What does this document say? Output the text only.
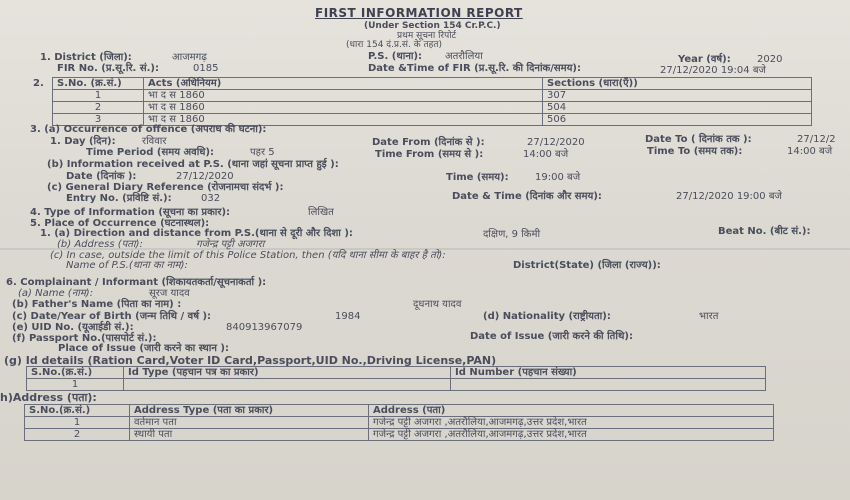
FIRST INFORMATION REPORT
(Under Section 154 Cr.P.C.)
प्रथम सूचना रिपोर्ट
(धारा 154 दं.प्र.सं. के तहत)
1. District (जिला):	आजमगढ़	P.S. (थाना): अतरौलिया	Year (वर्ष):	2020
FIR No. (प्र.सू.रि. सं.):	0185	Date &Time of FIR (प्र.सू.रि. की दिनांक/समय):	27/12/2020 19:04 बजे
2. S.No. (क्र.सं.)	Acts (अधिनियम)	Sections (धारा(एँ))
1	भा द स 1860	307
2	भा द स 1860	504
3	भा द स 1860	506
3. (a) Occurrence of offence (अपराध की घटना):
1. Day (दिन):	रविवार	Date From (दिनांक से ):	27/12/2020	Date To ( दिनांक तक ):	27/12/2
Time Period (समय अवधि):	पहर 5	Time From (समय से ):	14:00 बजे	Time To (समय तक):	14:00 बजे
(b) Information received at P.S. (थाना जहां सूचना प्राप्त हुई ):
Date (दिनांक ):	27/12/2020	Time (समय):	19:00 बजे
(c) General Diary Reference (रोजनामचा संदर्भ ):
Entry No. (प्रविष्टि सं.):	032	Date & Time (दिनांक और समय):	27/12/2020 19:00 बजे
4. Type of Information (सूचना का प्रकार):	लिखित
5. Place of Occurrence (घटनास्थल):
1. (a) Direction and distance from P.S.(थाना से दूरी और दिशा ):	दक्षिण, 9 किमी	Beat No. (बीट सं.):
(b) Address (पता):	गजेन्द्र पट्टी अजगरा
(c) In case, outside the limit of this Police Station, then (यदि थाना सीमा के बाहर है तो):
Name of P.S.(थाना का नाम):	District(State) (जिला (राज्य)):
6. Complainant / Informant (शिकायतकर्ता/सूचनाकर्ता ):
(a) Name (नाम):	सूरज यादव
(b) Father's Name (पिता का नाम) :	दूधनाथ यादव
(c) Date/Year of Birth (जन्म तिथि / वर्ष ):	1984	(d) Nationality (राष्ट्रीयता):	भारत
(e) UID No. (यूआईडी सं.):	840913967079
(f) Passport No.(पासपोर्ट सं.):	Date of Issue (जारी करने की तिथि):
Place of Issue (जारी करने का स्थान ):
(g) Id details (Ration Card,Voter ID Card,Passport,UID No.,Driving License,PAN)
S.No.(क्र.सं.)	Id Type (पहचान पत्र का प्रकार)	Id Number (पहचान संख्या)
1		
h)Address (पता):
S.No.(क्र.सं.)	Address Type (पता का प्रकार)	Address (पता)
1	वर्तमान पता	गजेन्द्र पट्टी अजगरा ,अतरौलिया,आजमगढ़,उत्तर प्रदेश,भारत
2	स्थायी पता	गजेन्द्र पट्टी अजगरा ,अतरौलिया,आजमगढ़,उत्तर प्रदेश,भारत
